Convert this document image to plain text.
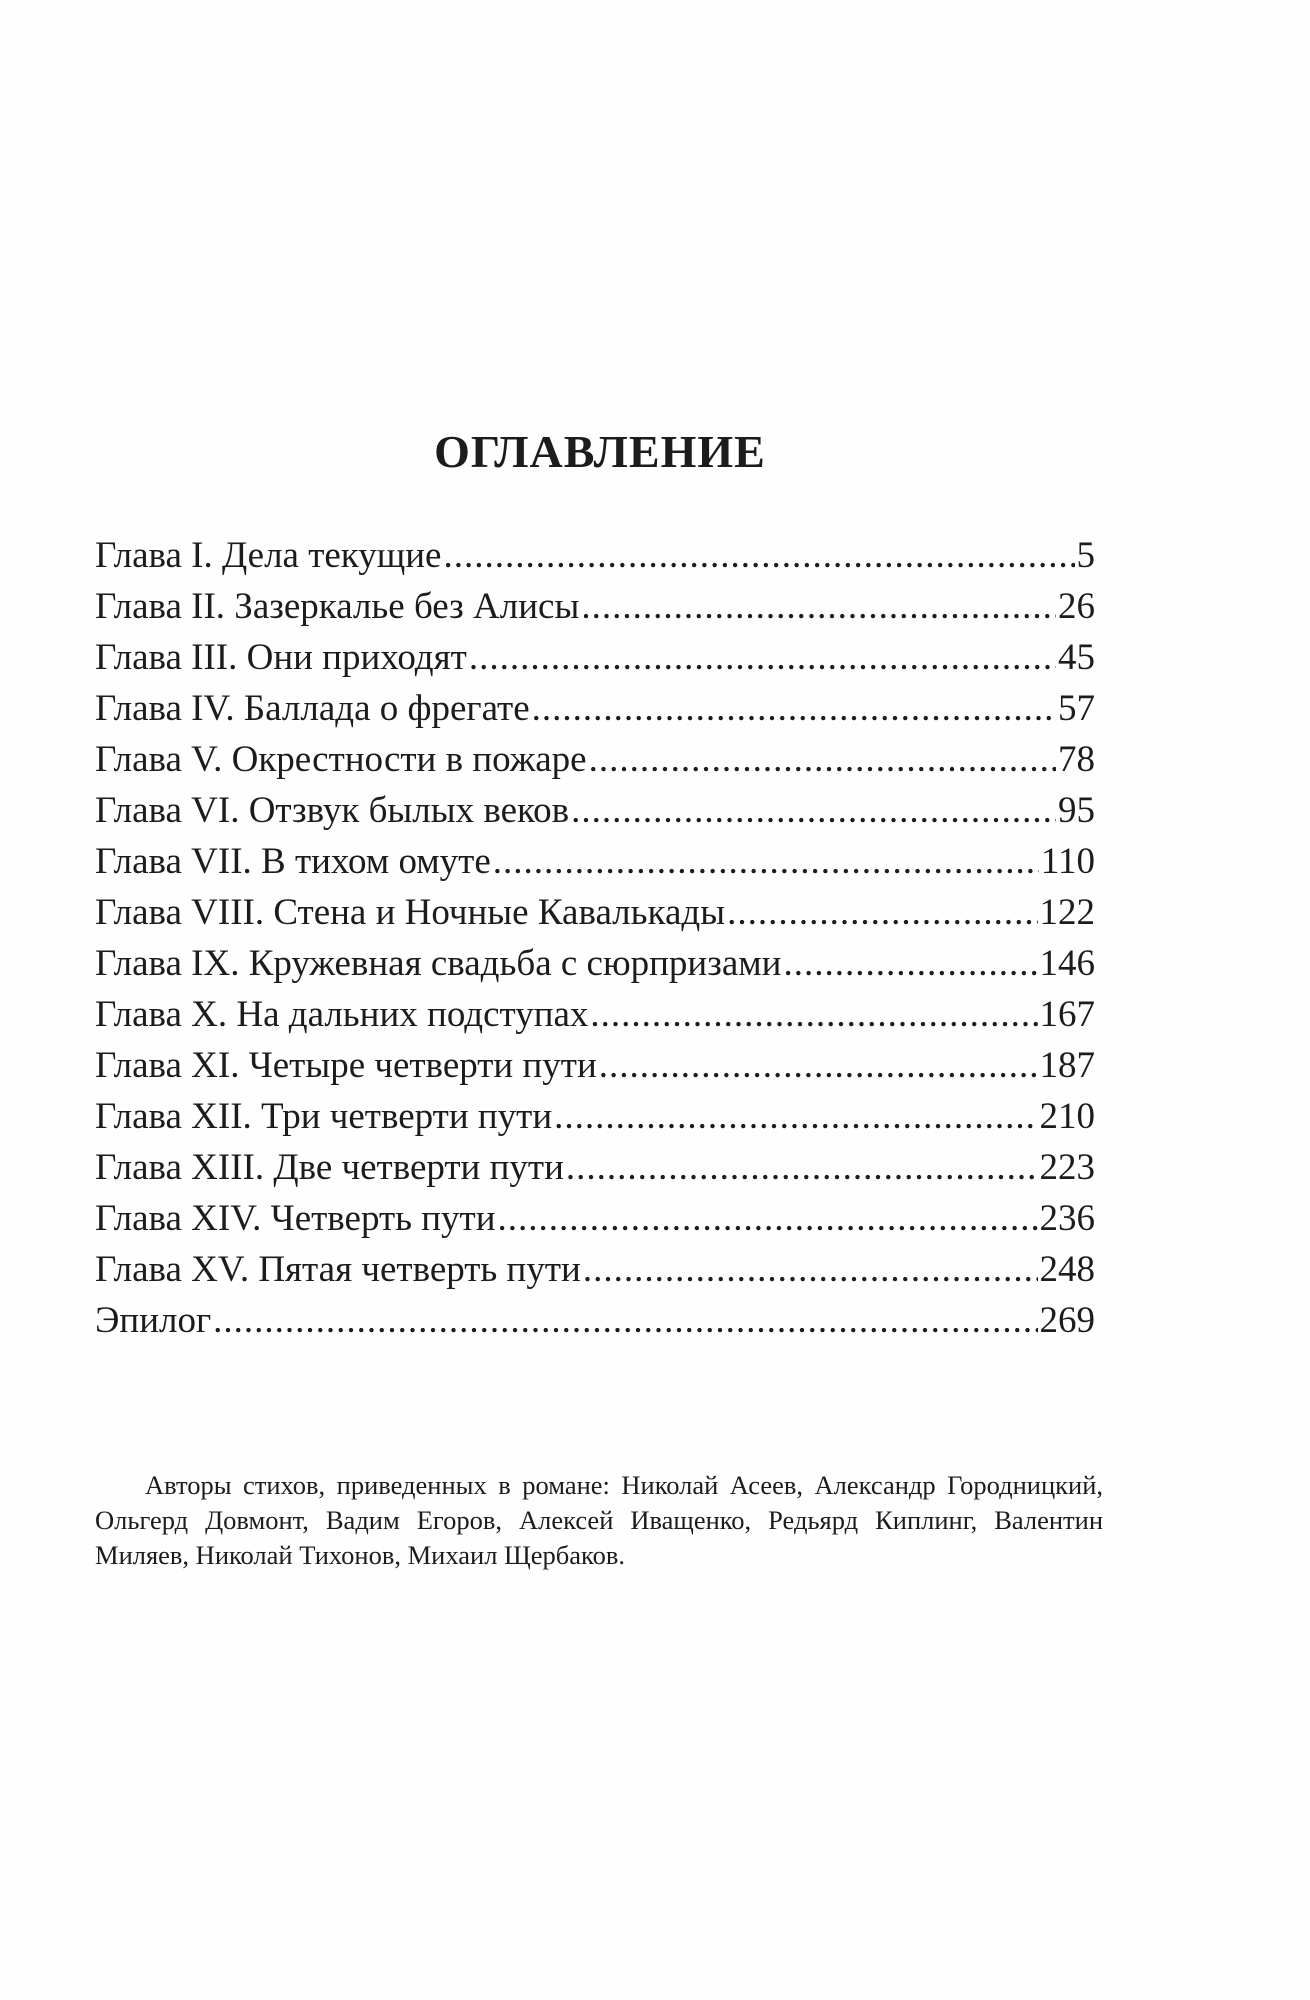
ОГЛАВЛЕНИЕ
Глава I. Дела текущие .....	5
Глава II. Зазеркалье без Алисы .....	26
Глава III. Они приходят .....	45
Глава IV. Баллада о фрегате .....	57
Глава V. Окрестности в пожаре .....	78
Глава VI. Отзвук былых веков .....	95
Глава VII. В тихом омуте .....	110
Глава VIII. Стена и Ночные Кавалькады .....	122
Глава IX. Кружевная свадьба с сюрпризами .....	146
Глава X. На дальних подступах .....	167
Глава XI. Четыре четверти пути .....	187
Глава XII. Три четверти пути .....	210
Глава XIII. Две четверти пути .....	223
Глава XIV. Четверть пути .....	236
Глава XV. Пятая четверть пути .....	248
Эпилог .....	269

Авторы стихов, приведенных в романе: Николай Асеев, Александр Городницкий, Ольгерд Довмонт, Вадим Егоров, Алексей Иващенко, Редьярд Киплинг, Валентин Миляев, Николай Тихонов, Михаил Щербаков.
